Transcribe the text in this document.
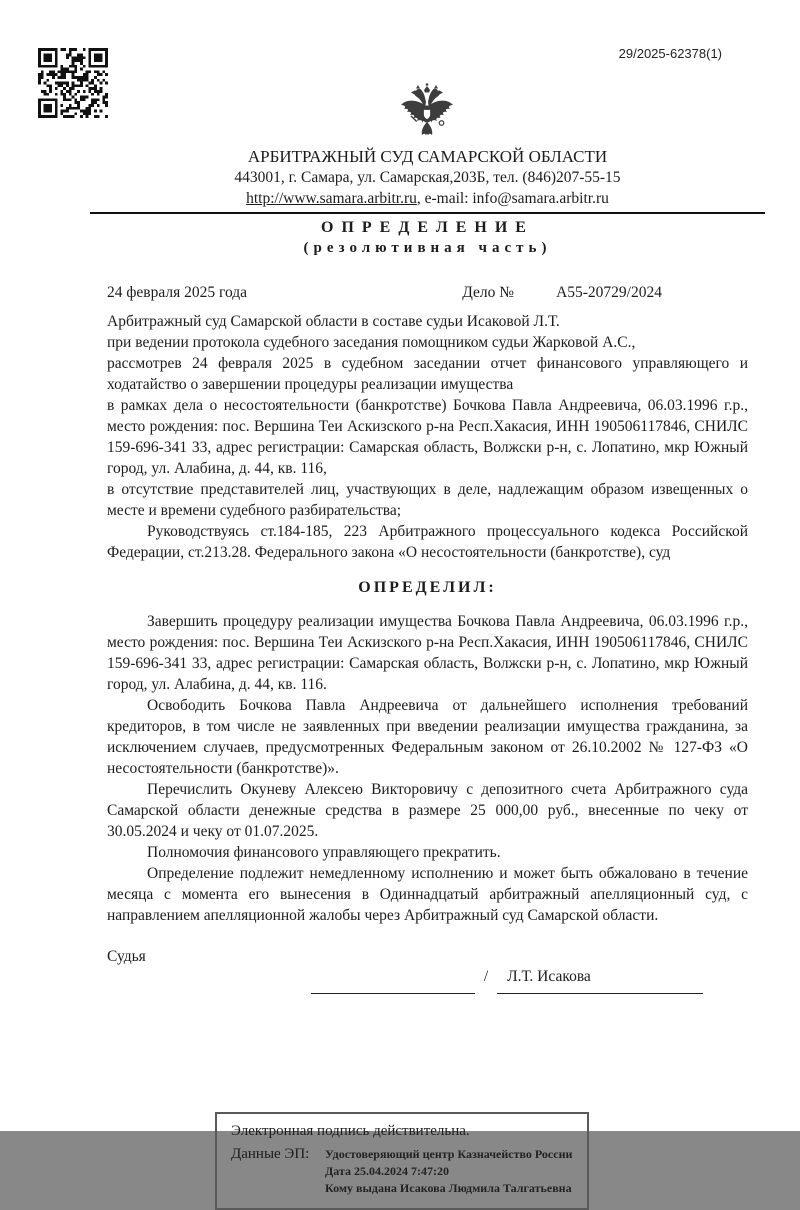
29/2025-62378(1)
АРБИТРАЖНЫЙ СУД САМАРСКОЙ ОБЛАСТИ
443001, г. Самара, ул. Самарская,203Б, тел. (846)207-55-15
http://www.samara.arbitr.ru, e-mail: info@samara.arbitr.ru
ОПРЕДЕЛЕНИЕ
(резолютивная часть)
24 февраля 2025 года	Дело №	А55-20729/2024

Арбитражный суд Самарской области в составе судьи Исаковой Л.Т.

при ведении протокола судебного заседания помощником судьи Жарковой А.С.,

рассмотрев 24 февраля 2025 в судебном заседании отчет финансового управляющего и ходатайство о завершении процедуры реализации имущества

в рамках дела о несостоятельности (банкротстве) Бочкова Павла Андреевича, 06.03.1996 г.р., место рождения: пос. Вершина Теи Аскизского р-на Респ.Хакасия, ИНН 190506117846, СНИЛС 159-696-341 33, адрес регистрации: Самарская область, Волжски р-н, с. Лопатино, мкр Южный город, ул. Алабина, д. 44, кв. 116,

в отсутствие представителей лиц, участвующих в деле, надлежащим образом извещенных о месте и времени судебного разбирательства;

Руководствуясь ст.184-185, 223 Арбитражного процессуального кодекса Российской Федерации, ст.213.28. Федерального закона «О несостоятельности (банкротстве), суд

ОПРЕДЕЛИЛ:

Завершить процедуру реализации имущества Бочкова Павла Андреевича, 06.03.1996 г.р., место рождения: пос. Вершина Теи Аскизского р-на Респ.Хакасия, ИНН 190506117846, СНИЛС 159-696-341 33, адрес регистрации: Самарская область, Волжски р-н, с. Лопатино, мкр Южный город, ул. Алабина, д. 44, кв. 116.

Освободить Бочкова Павла Андреевича от дальнейшего исполнения требований кредиторов, в том числе не заявленных при введении реализации имущества гражданина, за исключением случаев, предусмотренных Федеральным законом от 26.10.2002 № 127-ФЗ «О несостоятельности (банкротстве)».

Перечислить Окуневу Алексею Викторовичу с депозитного счета Арбитражного суда Самарской области денежные средства в размере 25 000,00 руб., внесенные по чеку от 30.05.2024 и чеку от 01.07.2025.

Полномочия финансового управляющего прекратить.

Определение подлежит немедленному исполнению и может быть обжаловано в течение месяца с момента его вынесения в Одиннадцатый арбитражный апелляционный суд, с направлением апелляционной жалобы через Арбитражный суд Самарской области.

Судья
/	Л.Т. Исакова
Электронная подпись действительна.
Данные ЭП:	Удостоверяющий центр Казначейство России
Дата 25.04.2024 7:47:20
Кому выдана Исакова Людмила Талгатьевна
